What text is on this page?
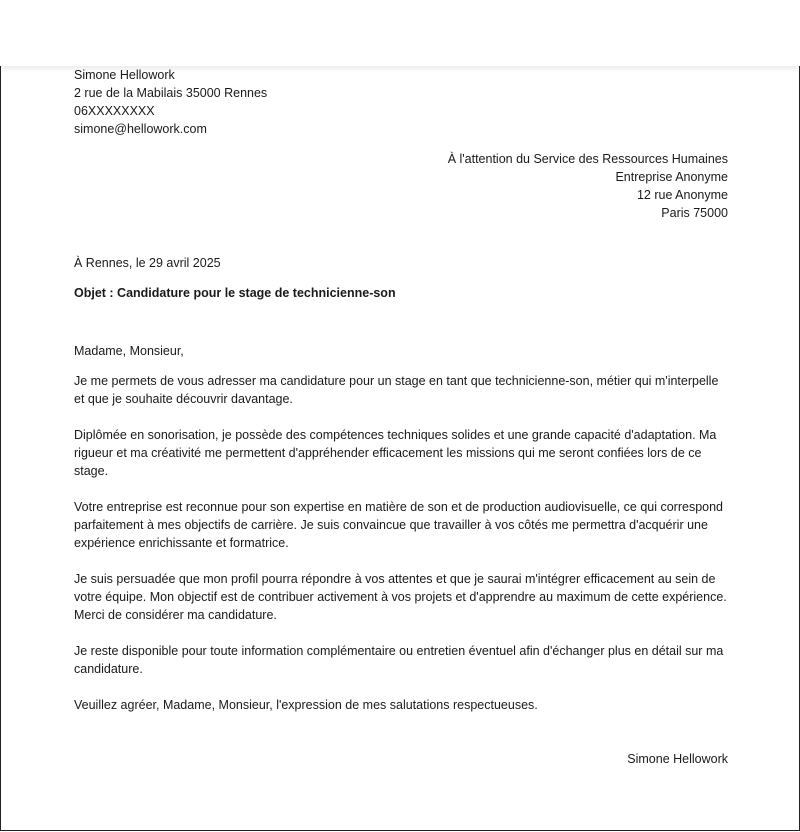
Simone Hellowork
2 rue de la Mabilais 35000 Rennes
06XXXXXXXX
simone@hellowork.com
À l'attention du Service des Ressources Humaines
Entreprise Anonyme
12 rue Anonyme
Paris 75000
À Rennes, le 29 avril 2025
Objet : Candidature pour le stage de technicienne-son
Madame, Monsieur,

Je me permets de vous adresser ma candidature pour un stage en tant que technicienne-son, métier qui m'interpelle et que je souhaite découvrir davantage.

Diplômée en sonorisation, je possède des compétences techniques solides et une grande capacité d'adaptation. Ma rigueur et ma créativité me permettent d'appréhender efficacement les missions qui me seront confiées lors de ce stage.

Votre entreprise est reconnue pour son expertise en matière de son et de production audiovisuelle, ce qui correspond parfaitement à mes objectifs de carrière. Je suis convaincue que travailler à vos côtés me permettra d'acquérir une expérience enrichissante et formatrice.

Je suis persuadée que mon profil pourra répondre à vos attentes et que je saurai m'intégrer efficacement au sein de votre équipe. Mon objectif est de contribuer activement à vos projets et d'apprendre au maximum de cette expérience. Merci de considérer ma candidature.

Je reste disponible pour toute information complémentaire ou entretien éventuel afin d'échanger plus en détail sur ma candidature.

Veuillez agréer, Madame, Monsieur, l'expression de mes salutations respectueuses.
Simone Hellowork
